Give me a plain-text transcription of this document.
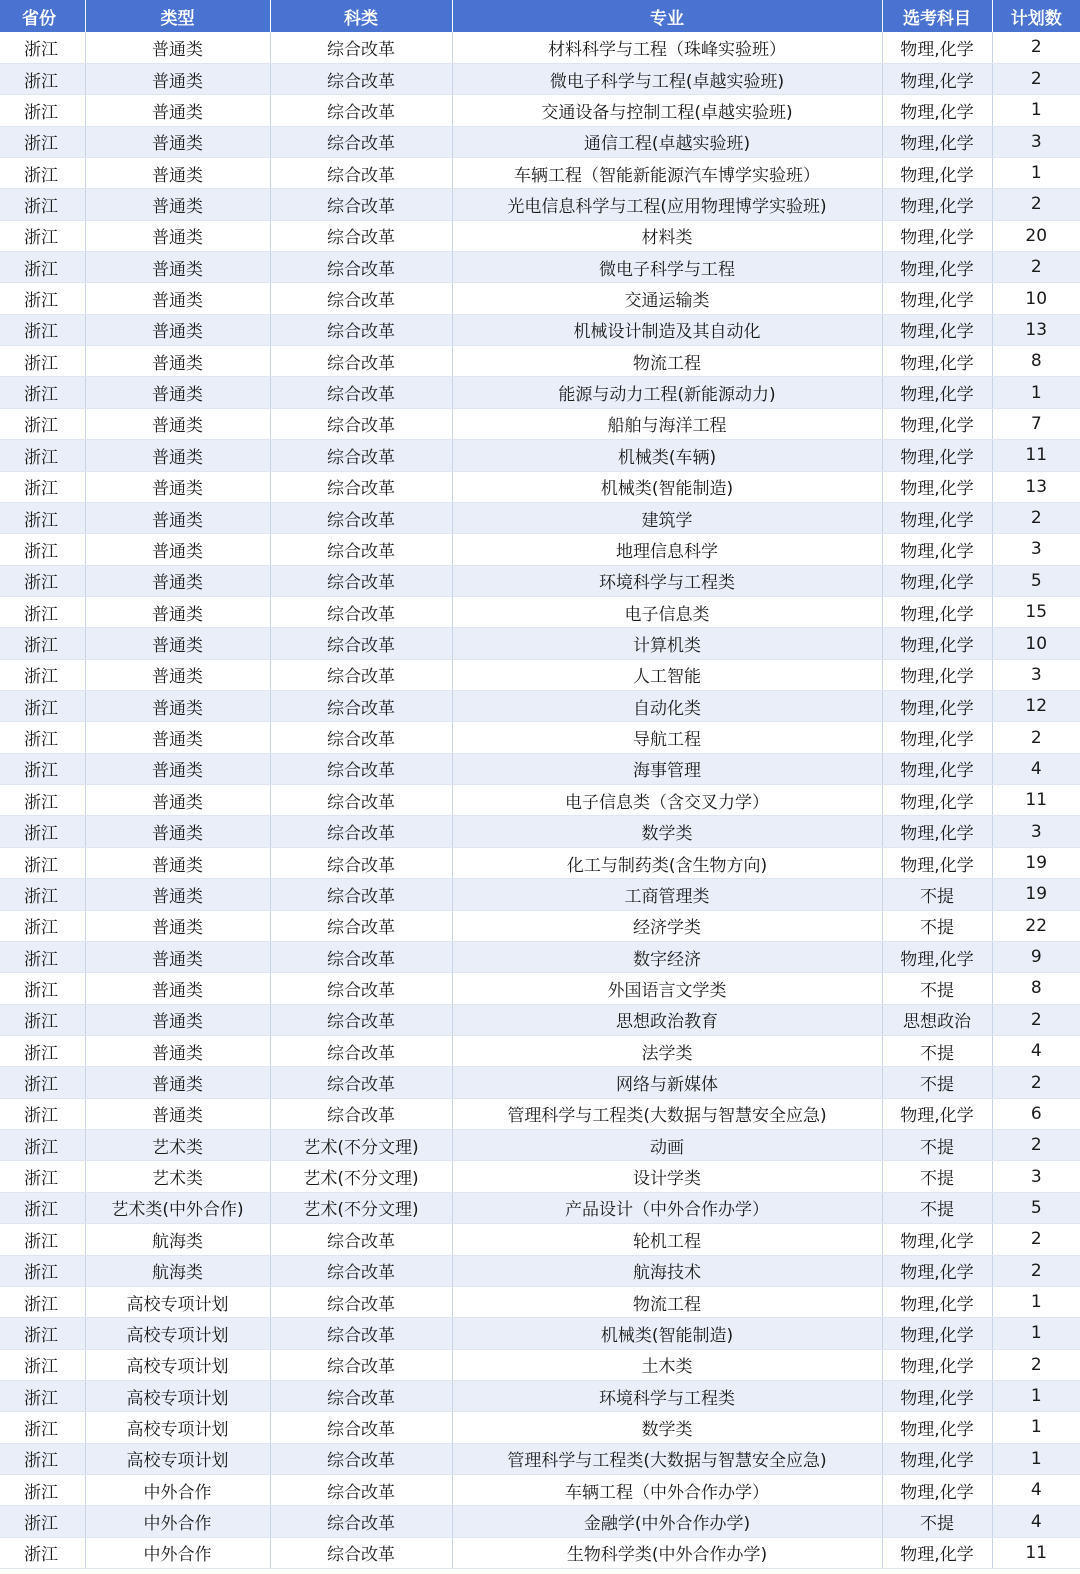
省份	类型	科类	专业	选考科目	计划数
浙江	普通类	综合改革	材料科学与工程（珠峰实验班）	物理,化学	2
浙江	普通类	综合改革	微电子科学与工程(卓越实验班)	物理,化学	2
浙江	普通类	综合改革	交通设备与控制工程(卓越实验班)	物理,化学	1
浙江	普通类	综合改革	通信工程(卓越实验班)	物理,化学	3
浙江	普通类	综合改革	车辆工程（智能新能源汽车博学实验班）	物理,化学	1
浙江	普通类	综合改革	光电信息科学与工程(应用物理博学实验班)	物理,化学	2
浙江	普通类	综合改革	材料类	物理,化学	20
浙江	普通类	综合改革	微电子科学与工程	物理,化学	2
浙江	普通类	综合改革	交通运输类	物理,化学	10
浙江	普通类	综合改革	机械设计制造及其自动化	物理,化学	13
浙江	普通类	综合改革	物流工程	物理,化学	8
浙江	普通类	综合改革	能源与动力工程(新能源动力)	物理,化学	1
浙江	普通类	综合改革	船舶与海洋工程	物理,化学	7
浙江	普通类	综合改革	机械类(车辆)	物理,化学	11
浙江	普通类	综合改革	机械类(智能制造)	物理,化学	13
浙江	普通类	综合改革	建筑学	物理,化学	2
浙江	普通类	综合改革	地理信息科学	物理,化学	3
浙江	普通类	综合改革	环境科学与工程类	物理,化学	5
浙江	普通类	综合改革	电子信息类	物理,化学	15
浙江	普通类	综合改革	计算机类	物理,化学	10
浙江	普通类	综合改革	人工智能	物理,化学	3
浙江	普通类	综合改革	自动化类	物理,化学	12
浙江	普通类	综合改革	导航工程	物理,化学	2
浙江	普通类	综合改革	海事管理	物理,化学	4
浙江	普通类	综合改革	电子信息类（含交叉力学）	物理,化学	11
浙江	普通类	综合改革	数学类	物理,化学	3
浙江	普通类	综合改革	化工与制药类(含生物方向)	物理,化学	19
浙江	普通类	综合改革	工商管理类	不提	19
浙江	普通类	综合改革	经济学类	不提	22
浙江	普通类	综合改革	数字经济	物理,化学	9
浙江	普通类	综合改革	外国语言文学类	不提	8
浙江	普通类	综合改革	思想政治教育	思想政治	2
浙江	普通类	综合改革	法学类	不提	4
浙江	普通类	综合改革	网络与新媒体	不提	2
浙江	普通类	综合改革	管理科学与工程类(大数据与智慧安全应急)	物理,化学	6
浙江	艺术类	艺术(不分文理)	动画	不提	2
浙江	艺术类	艺术(不分文理)	设计学类	不提	3
浙江	艺术类(中外合作)	艺术(不分文理)	产品设计（中外合作办学）	不提	5
浙江	航海类	综合改革	轮机工程	物理,化学	2
浙江	航海类	综合改革	航海技术	物理,化学	2
浙江	高校专项计划	综合改革	物流工程	物理,化学	1
浙江	高校专项计划	综合改革	机械类(智能制造)	物理,化学	1
浙江	高校专项计划	综合改革	土木类	物理,化学	2
浙江	高校专项计划	综合改革	环境科学与工程类	物理,化学	1
浙江	高校专项计划	综合改革	数学类	物理,化学	1
浙江	高校专项计划	综合改革	管理科学与工程类(大数据与智慧安全应急)	物理,化学	1
浙江	中外合作	综合改革	车辆工程（中外合作办学）	物理,化学	4
浙江	中外合作	综合改革	金融学(中外合作办学)	不提	4
浙江	中外合作	综合改革	生物科学类(中外合作办学)	物理,化学	11
